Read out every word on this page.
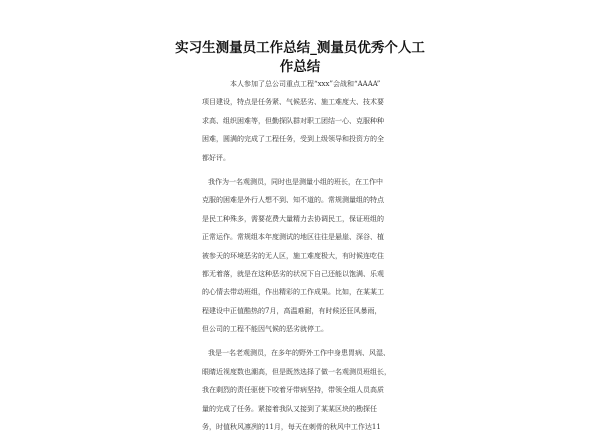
实习生测量员工作总结_测量员优秀个人工
作总结
本人参加了总公司重点工程“xxx”会战和“AAAA”
项目建设，特点是任务紧、气候恶劣、施工难度大、技术要
求高、组织困难等，但勤探队群对职工团结一心、克服种种
困难，圆满的完成了工程任务，受到上级领导和投资方的全
都好评。
我作为一名观测员，同时也是测量小组的班长，在工作中
克服的困难是外行人想不到、知不道的。常规测量组的特点
是民工种殊多，需要花费大量精力去协调民工，保证班组的
正常运作。常规组本年度测试的地区往往是悬崖、深谷、植
被参天的环境恶劣的无人区，施工难度极大，有时候连吃住
都无着落，就是在这种恶劣的状况下自己还能以饱满、乐观
的心情去带动班组，作出精彩的工作成果。比如，在某某工
程建设中正值酷热的7月，高温难耐，有时候还狂风暴雨，
但公司的工程不能因气候的恶劣就停工。
我是一名老观测员，在多年的野外工作中身患胃病、风湿、
眼睛近视度数也潮高，但是既然选择了做一名观测员班组长，
我在剩烈的责任驱使下咬着牙带病坚持，带领全组人员高质
量的完成了任务。紧接着我队又接到了某某区块的勘探任
务，时值秋风凛冽的11月，每天在刺骨的秋风中工作达11
